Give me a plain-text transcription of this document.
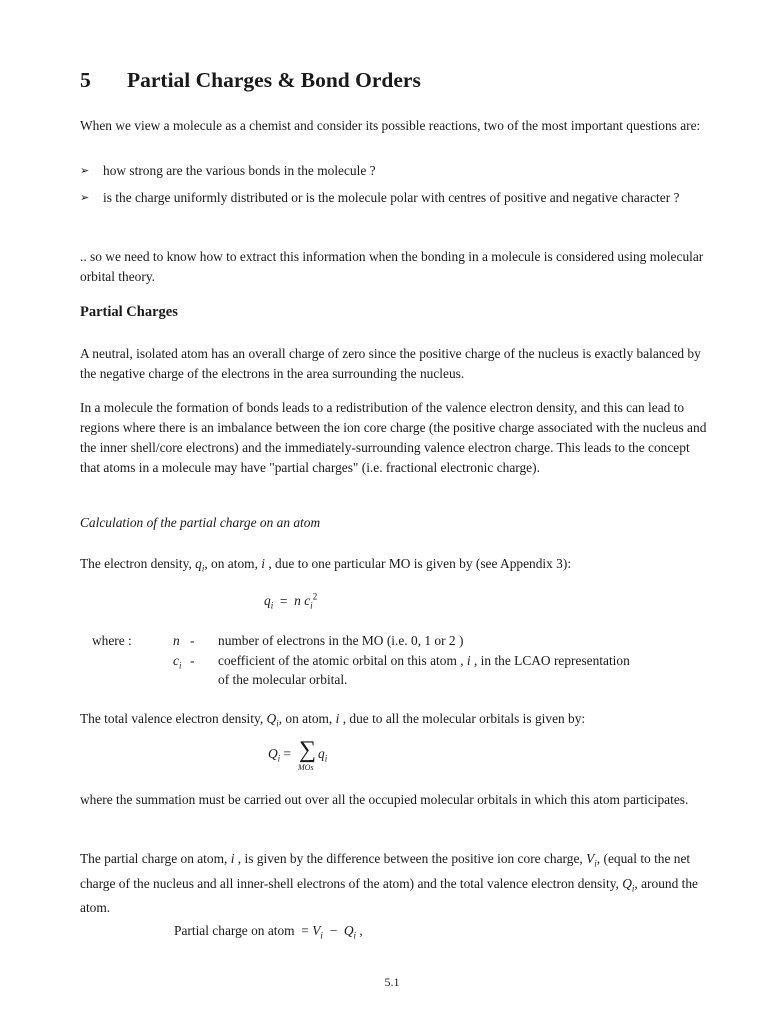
5 Partial Charges & Bond Orders
When we view a molecule as a chemist and consider its possible reactions, two of the most important questions are:
➢ how strong are the various bonds in the molecule ?
➢ is the charge uniformly distributed or is the molecule polar with centres of positive and negative character ?
.. so we need to know how to extract this information when the bonding in a molecule is considered using molecular orbital theory.
Partial Charges
A neutral, isolated atom has an overall charge of zero since the positive charge of the nucleus is exactly balanced by the negative charge of the electrons in the area surrounding the nucleus.
In a molecule the formation of bonds leads to a redistribution of the valence electron density, and this can lead to regions where there is an imbalance between the ion core charge (the positive charge associated with the nucleus and the inner shell/core electrons) and the immediately-surrounding valence electron charge. This leads to the concept that atoms in a molecule may have "partial charges" (i.e. fractional electronic charge).
Calculation of the partial charge on an atom
The electron density, $q_i$, on atom, i , due to one particular MO is given by (see Appendix 3):
$q_i = n$ $c_i^2$
where :	n - number of electrons in the MO (i.e. 0, 1 or 2 )
$c_i$ - coefficient of the atomic orbital on this atom , i , in the LCAO representation
of the molecular orbital.
The total valence electron density, $Q_i$, on atom, i , due to all the molecular orbitals is given by:
$Q_i$ = ∑ $q_i$
MOs
where the summation must be carried out over all the occupied molecular orbitals in which this atom participates.
The partial charge on atom, i , is given by the difference between the positive ion core charge, $V_i$, (equal to the net charge of the nucleus and all inner-shell electrons of the atom) and the total valence electron density, $Q_i$, around the atom.
Partial charge on atom  = $V_i - Q_i$ ,
5.1
